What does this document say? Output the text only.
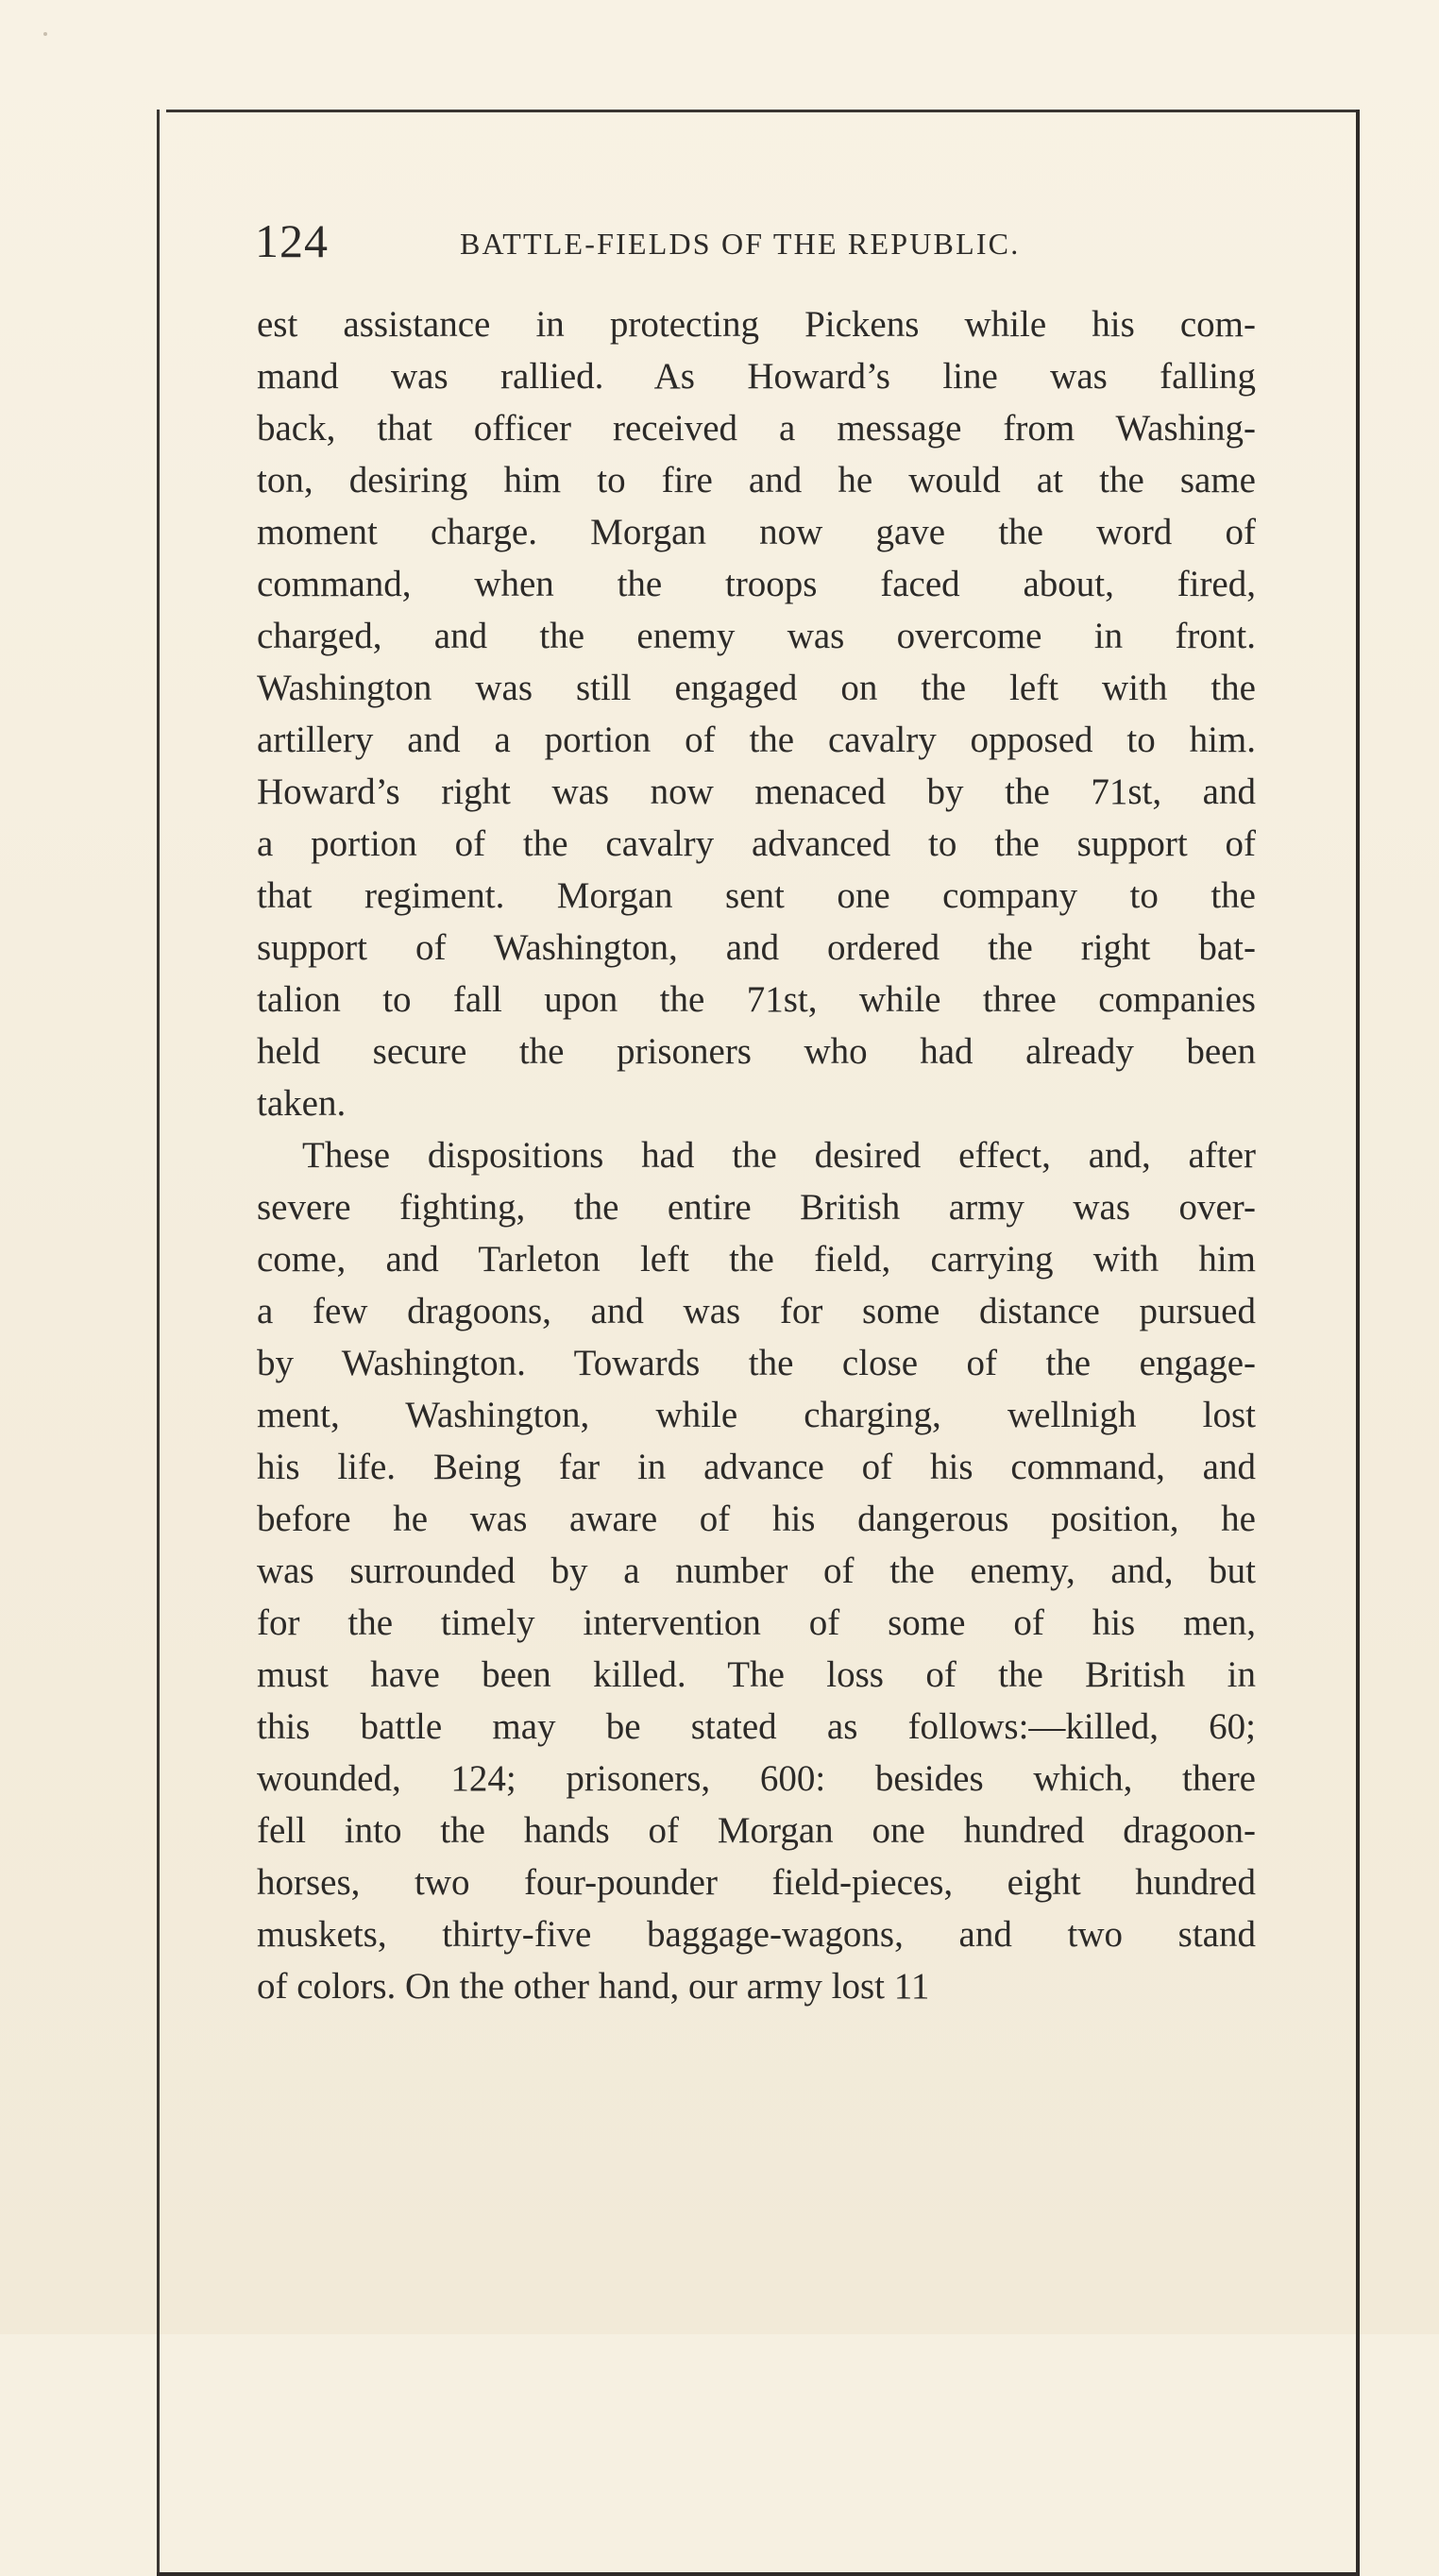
124	BATTLE-FIELDS OF THE REPUBLIC.
est assistance in protecting Pickens while his com-
mand was rallied. As Howard’s line was falling
back, that officer received a message from Washing-
ton, desiring him to fire and he would at the same
moment charge. Morgan now gave the word of
command, when the troops faced about, fired,
charged, and the enemy was overcome in front.
Washington was still engaged on the left with the
artillery and a portion of the cavalry opposed to him.
Howard’s right was now menaced by the 71st, and
a portion of the cavalry advanced to the support of
that regiment. Morgan sent one company to the
support of Washington, and ordered the right bat-
talion to fall upon the 71st, while three companies
held secure the prisoners who had already been
taken.
These dispositions had the desired effect, and, after
severe fighting, the entire British army was over-
come, and Tarleton left the field, carrying with him
a few dragoons, and was for some distance pursued
by Washington. Towards the close of the engage-
ment, Washington, while charging, wellnigh lost
his life. Being far in advance of his command, and
before he was aware of his dangerous position, he
was surrounded by a number of the enemy, and, but
for the timely intervention of some of his men,
must have been killed. The loss of the British in
this battle may be stated as follows:—killed, 60;
wounded, 124; prisoners, 600: besides which, there
fell into the hands of Morgan one hundred dragoon-
horses, two four-pounder field-pieces, eight hundred
muskets, thirty-five baggage-wagons, and two stand
of colors. On the other hand, our army lost 11
